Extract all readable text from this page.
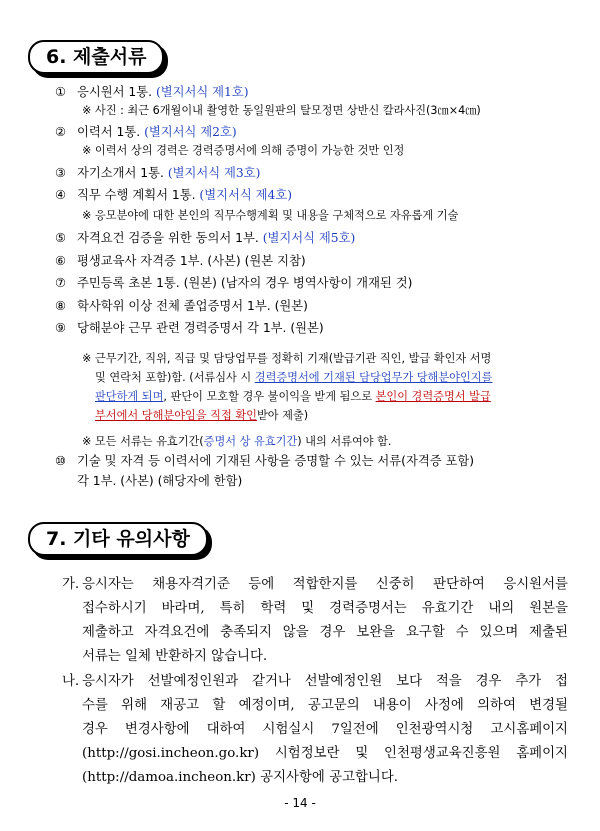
6. 제출서류
① 응시원서 1통. (별지서식 제1호)
※ 사진 : 최근 6개월이내 촬영한 동일원판의 탈모정면 상반신 칼라사진(3㎝×4㎝)
② 이력서 1통. (별지서식 제2호)
※ 이력서 상의 경력은 경력증명서에 의해 증명이 가능한 것만 인정
③ 자기소개서 1통. (별지서식 제3호)
④ 직무 수행 계획서 1통. (별지서식 제4호)
※ 응모분야에 대한 본인의 직무수행계획 및 내용을 구체적으로 자유롭게 기술
⑤ 자격요건 검증을 위한 동의서 1부. (별지서식 제5호)
⑥ 평생교육사 자격증 1부. (사본) (원본 지참)
⑦ 주민등록 초본 1통. (원본) (남자의 경우 병역사항이 개재된 것)
⑧ 학사학위 이상 전체 졸업증명서 1부. (원본)
⑨ 당해분야 근무 관련 경력증명서 각 1부. (원본)
※ 근무기간, 직위, 직급 및 담당업무를 정확히 기재(발급기관 직인, 발급 확인자 서명
및 연락처 포함)함. (서류심사 시 경력증명서에 기재된 담당업무가 당해분야인지를
판단하게 되며, 판단이 모호할 경우 불이익을 받게 됨으로 본인이 경력증명서 발급
부서에서 당해분야임을 직접 확인받아 제출)
※ 모든 서류는 유효기간(증명서 상 유효기간) 내의 서류여야 함.
⑩ 기술 및 자격 등 이력서에 기재된 사항을 증명할 수 있는 서류(자격증 포함)
각 1부. (사본) (해당자에 한함)
7. 기타 유의사항
가. 응시자는 채용자격기준 등에 적합한지를 신중히 판단하여 응시원서를
접수하시기 바라며, 특히 학력 및 경력증명서는 유효기간 내의 원본을
제출하고 자격요건에 충족되지 않을 경우 보완을 요구할 수 있으며 제출된
서류는 일체 반환하지 않습니다.
나. 응시자가 선발예정인원과 같거나 선발예정인원 보다 적을 경우 추가 접
수를 위해 재공고 할 예정이며, 공고문의 내용이 사정에 의하여 변경될
경우 변경사항에 대하여 시험실시 7일전에 인천광역시청 고시홈페이지
(http://gosi.incheon.go.kr) 시험정보란 및 인천평생교육진흥원 홈페이지
(http://damoa.incheon.kr) 공지사항에 공고합니다.
- 14 -
